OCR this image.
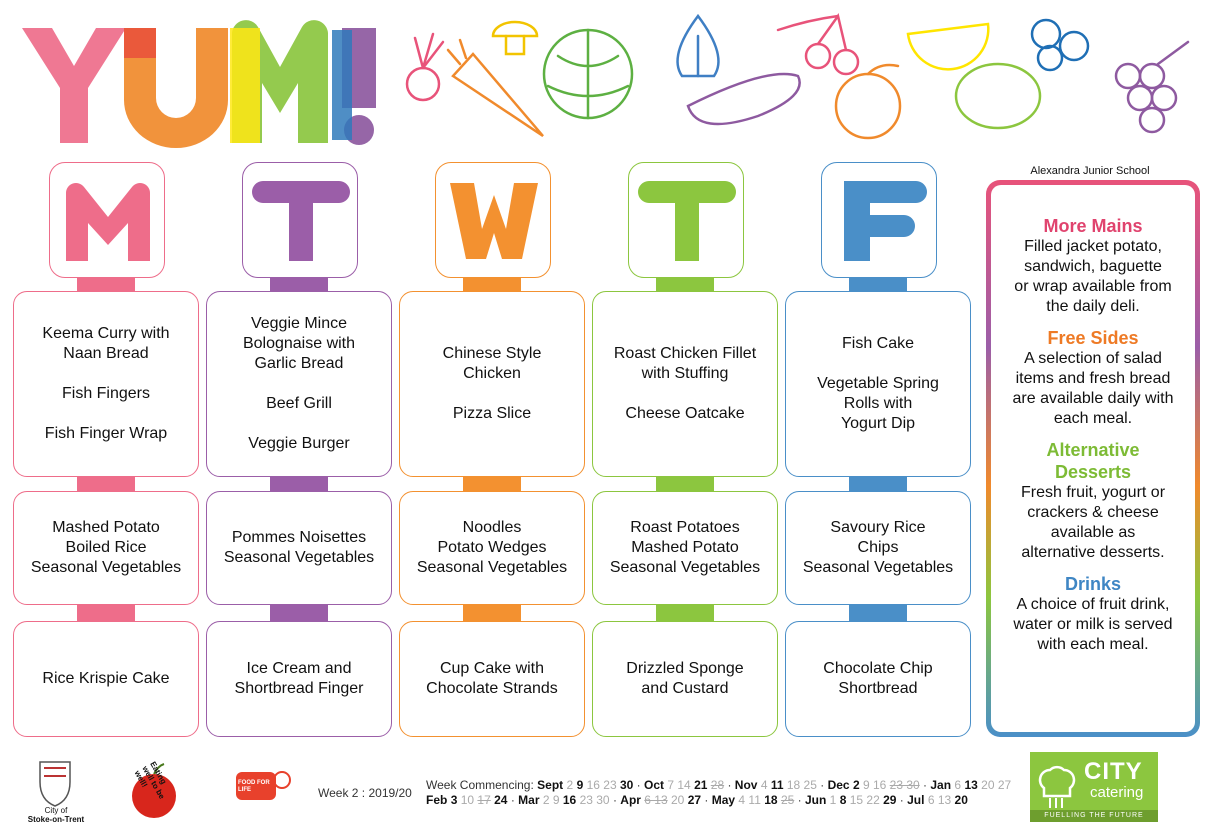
Keema Curry with
Naan Bread

Fish Fingers

Fish Finger Wrap
Mashed Potato
Boiled Rice
Seasonal Vegetables
Rice Krispie Cake
Veggie Mince
Bolognaise with
Garlic Bread

Beef Grill

Veggie Burger
Pommes Noisettes
Seasonal Vegetables
Ice Cream and
Shortbread Finger
Chinese Style
Chicken

Pizza Slice
Noodles
Potato Wedges
Seasonal Vegetables
Cup Cake with
Chocolate Strands
Roast Chicken Fillet
with Stuffing

Cheese Oatcake
Roast Potatoes
Mashed Potato
Seasonal Vegetables
Drizzled Sponge
and Custard
Fish Cake

Vegetable Spring
Rolls with
Yogurt Dip
Savoury Rice
Chips
Seasonal Vegetables
Chocolate Chip
Shortbread
Alexandra Junior School
More Mains
Filled jacket potato,
sandwich, baguette
or wrap available from
the daily deli.
Free Sides
A selection of salad
items and fresh bread
are available daily with
each meal.
Alternative
Desserts
Fresh fruit, yogurt or
crackers & cheese
available as
alternative desserts.
Drinks
A choice of fruit drink,
water or milk is served
with each meal.
City of
Stoke-on-Trent
Eating well to be well!	FOOD FOR LIFE	Week 2 : 2019/20
Week Commencing: Sept 2 9 16 23 30 · Oct 7 14 21 28 · Nov 4 11 18 25 · Dec 2 9 16 23 30 · Jan 6 13 20 27
Feb 3 10 17 24 · Mar 2 9 16 23 30 · Apr 6 13 20 27 · May 4 11 18 25 · Jun 1 8 15 22 29 · Jul 6 13 20
CITY
catering
FUELLING THE FUTURE
